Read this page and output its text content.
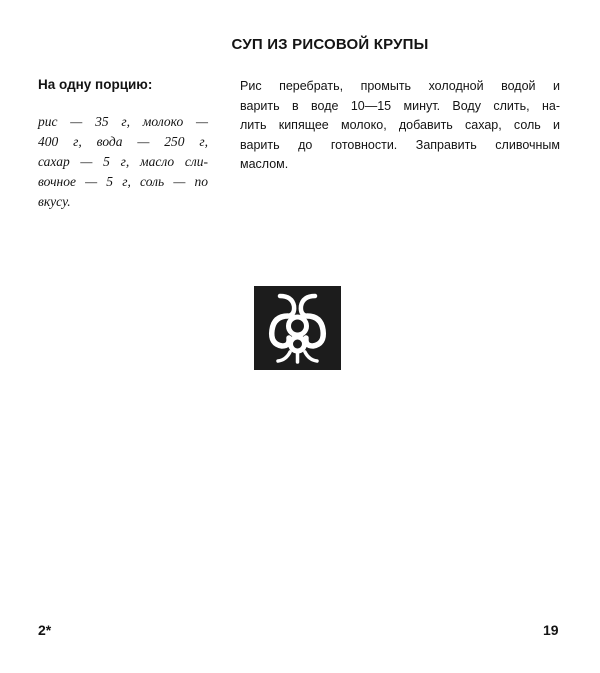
СУП ИЗ РИСОВОЙ КРУПЫ
На одну порцию:
рис — 35 г, молоко —
400 г, вода — 250 г,
сахар — 5 г, масло сли-
вочное — 5 г, соль — по
вкусу.
Рис перебрать, промыть холодной водой и
варить в воде 10—15 минут. Воду слить, на-
лить кипящее молоко, добавить сахар, соль и
варить до готовности. Заправить сливочным
маслом.
2*	19
